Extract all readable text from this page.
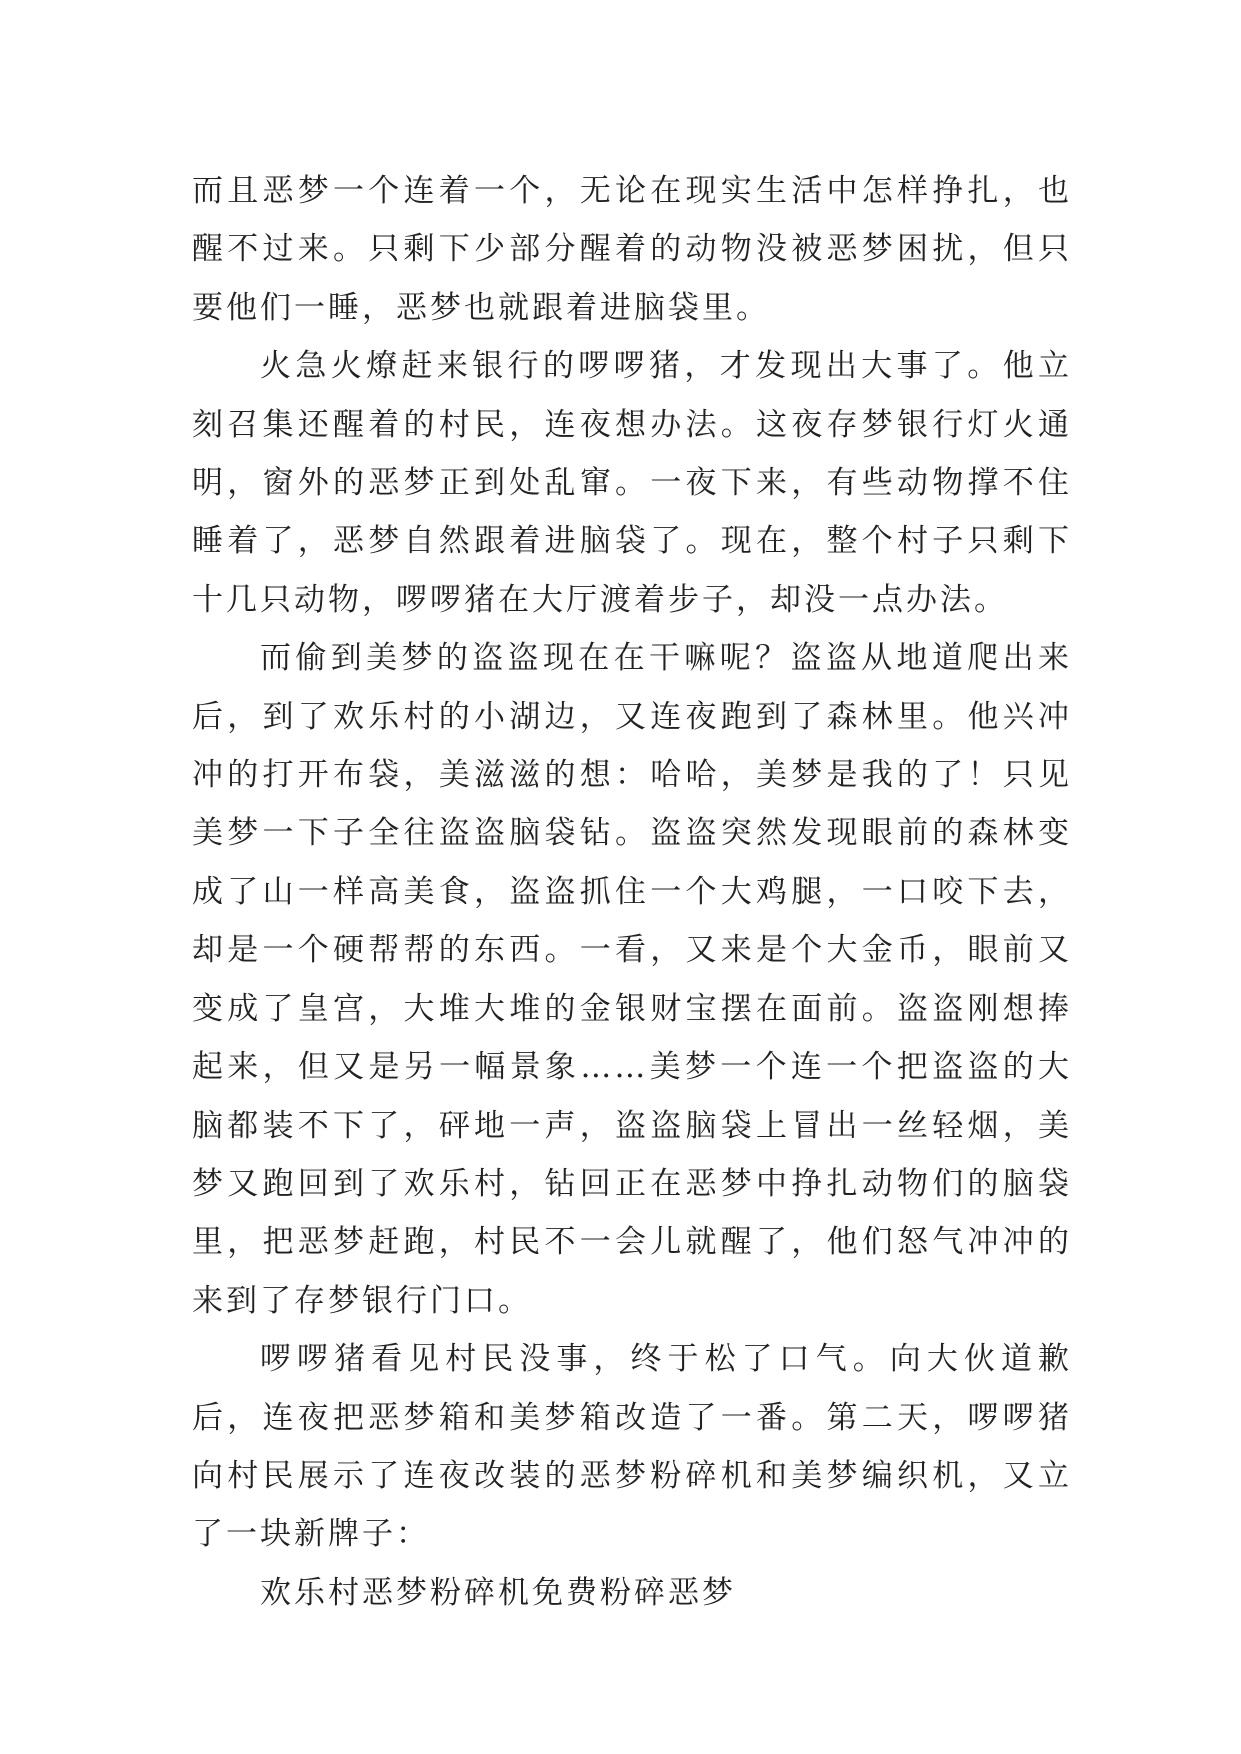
而且恶梦一个连着一个，无论在现实生活中怎样挣扎，也醒不过来。只剩下少部分醒着的动物没被恶梦困扰，但只要他们一睡，恶梦也就跟着进脑袋里。

火急火燎赶来银行的啰啰猪，才发现出大事了。他立刻召集还醒着的村民，连夜想办法。这夜存梦银行灯火通明，窗外的恶梦正到处乱窜。一夜下来，有些动物撑不住睡着了，恶梦自然跟着进脑袋了。现在，整个村子只剩下十几只动物，啰啰猪在大厅渡着步子，却没一点办法。

而偷到美梦的盗盗现在在干嘛呢？盗盗从地道爬出来后，到了欢乐村的小湖边，又连夜跑到了森林里。他兴冲冲的打开布袋，美滋滋的想：哈哈，美梦是我的了！只见美梦一下子全往盗盗脑袋钻。盗盗突然发现眼前的森林变成了山一样高美食，盗盗抓住一个大鸡腿，一口咬下去，却是一个硬帮帮的东西。一看，又来是个大金币，眼前又变成了皇宫，大堆大堆的金银财宝摆在面前。盗盗刚想捧起来，但又是另一幅景象……美梦一个连一个把盗盗的大脑都装不下了，砰地一声，盗盗脑袋上冒出一丝轻烟，美梦又跑回到了欢乐村，钻回正在恶梦中挣扎动物们的脑袋里，把恶梦赶跑，村民不一会儿就醒了，他们怒气冲冲的来到了存梦银行门口。

啰啰猪看见村民没事，终于松了口气。向大伙道歉后，连夜把恶梦箱和美梦箱改造了一番。第二天，啰啰猪向村民展示了连夜改装的恶梦粉碎机和美梦编织机，又立了一块新牌子：

欢乐村恶梦粉碎机免费粉碎恶梦
